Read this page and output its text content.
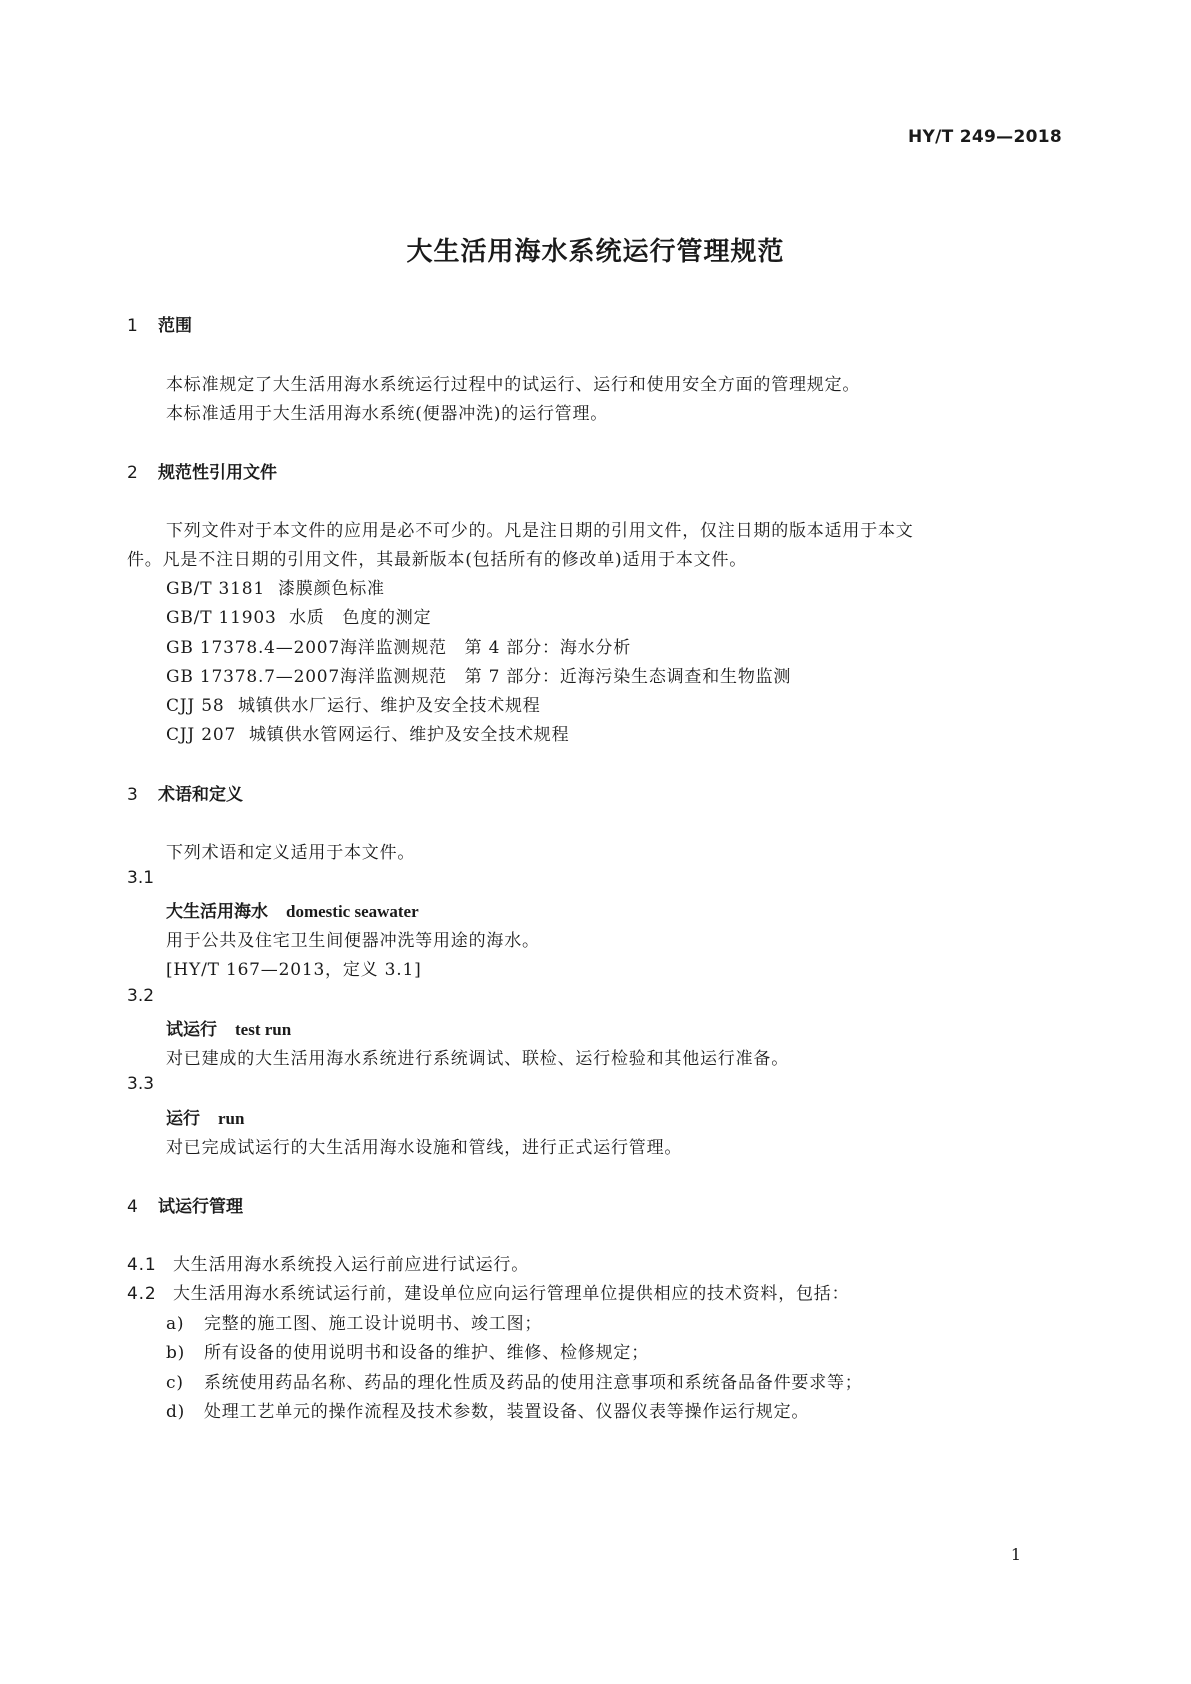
HY/T 249—2018
大生活用海水系统运行管理规范
1 范围
本标准规定了大生活用海水系统运行过程中的试运行、运行和使用安全方面的管理规定。
本标准适用于大生活用海水系统(便器冲洗)的运行管理。
2 规范性引用文件
下列文件对于本文件的应用是必不可少的。凡是注日期的引用文件，仅注日期的版本适用于本文
件。凡是不注日期的引用文件，其最新版本(包括所有的修改单)适用于本文件。
GB/T 3181 漆膜颜色标准
GB/T 11903 水质　色度的测定
GB 17378.4—2007海洋监测规范　第 4 部分：海水分析
GB 17378.7—2007海洋监测规范　第 7 部分：近海污染生态调查和生物监测
CJJ 58 城镇供水厂运行、维护及安全技术规程
CJJ 207 城镇供水管网运行、维护及安全技术规程
3 术语和定义
下列术语和定义适用于本文件。
3.1
大生活用海水 domestic seawater
用于公共及住宅卫生间便器冲洗等用途的海水。
[HY/T 167—2013，定义 3.1]
3.2
试运行 test run
对已建成的大生活用海水系统进行系统调试、联检、运行检验和其他运行准备。
3.3
运行 run
对已完成试运行的大生活用海水设施和管线，进行正式运行管理。
4 试运行管理
4.1 大生活用海水系统投入运行前应进行试运行。
4.2 大生活用海水系统试运行前，建设单位应向运行管理单位提供相应的技术资料，包括：
a) 完整的施工图、施工设计说明书、竣工图；
b) 所有设备的使用说明书和设备的维护、维修、检修规定；
c) 系统使用药品名称、药品的理化性质及药品的使用注意事项和系统备品备件要求等；
d) 处理工艺单元的操作流程及技术参数，装置设备、仪器仪表等操作运行规定。
1
